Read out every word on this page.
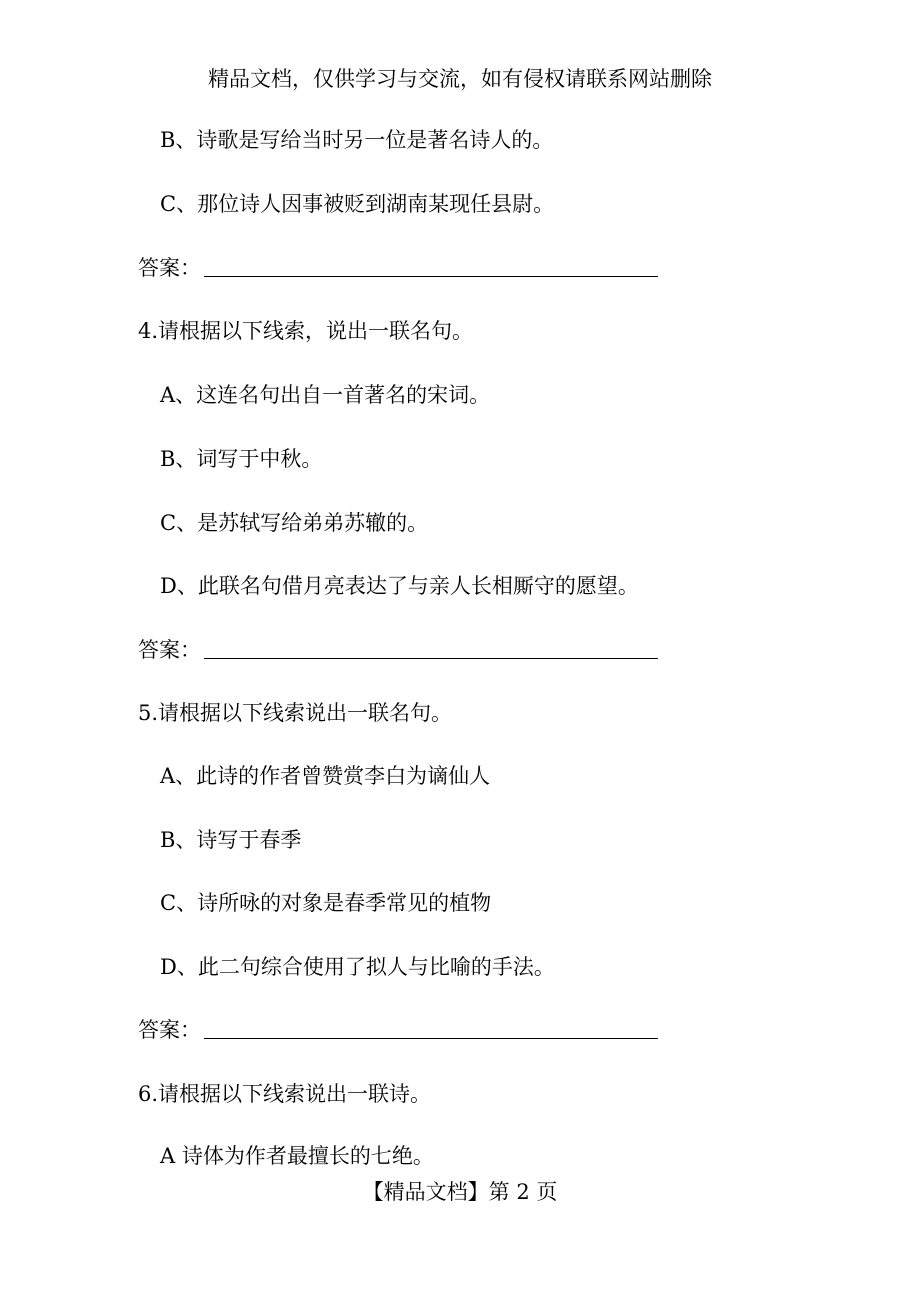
精品文档，仅供学习与交流，如有侵权请联系网站删除
B、诗歌是写给当时另一位是著名诗人的。
C、那位诗人因事被贬到湖南某现任县尉。
答案：
4.请根据以下线索，说出一联名句。
A、这连名句出自一首著名的宋词。
B、词写于中秋。
C、是苏轼写给弟弟苏辙的。
D、此联名句借月亮表达了与亲人长相厮守的愿望。
答案：
5.请根据以下线索说出一联名句。
A、此诗的作者曾赞赏李白为谪仙人
B、诗写于春季
C、诗所咏的对象是春季常见的植物
D、此二句综合使用了拟人与比喻的手法。
答案：
6.请根据以下线索说出一联诗。
A 诗体为作者最擅长的七绝。
【精品文档】第 2 页
